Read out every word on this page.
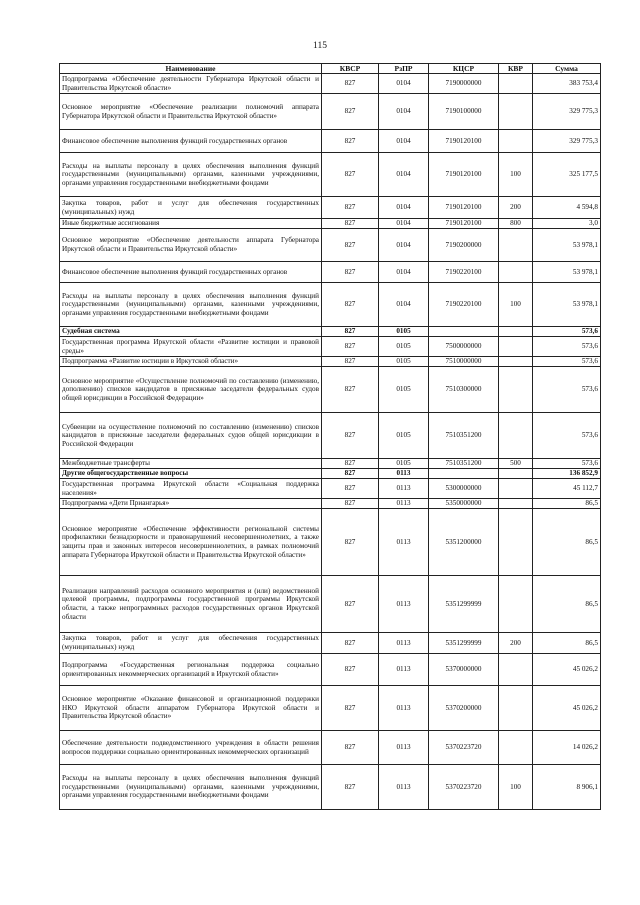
115
Наименование	КВСР	РзПР	КЦСР	КВР	Сумма
Подпрограмма «Обеспечение деятельности Губернатора Иркутской области и Правительства Иркутской области»	827	0104	7190000000		383 753,4
Основное мероприятие «Обеспечение реализации полномочий аппарата Губернатора Иркутской области и Правительства Иркутской области»	827	0104	7190100000		329 775,3
Финансовое обеспечение выполнения функций государственных органов	827	0104	7190120100		329 775,3
Расходы на выплаты персоналу в целях обеспечения выполнения функций государственными (муниципальными) органами, казенными учреждениями, органами управления государственными внебюджетными фондами	827	0104	7190120100	100	325 177,5
Закупка товаров, работ и услуг для обеспечения государственных (муниципальных) нужд	827	0104	7190120100	200	4 594,8
Иные бюджетные ассигнования	827	0104	7190120100	800	3,0
Основное мероприятие «Обеспечение деятельности аппарата Губернатора Иркутской области и Правительства Иркутской области»	827	0104	7190200000		53 978,1
Финансовое обеспечение выполнения функций государственных органов	827	0104	7190220100		53 978,1
Расходы на выплаты персоналу в целях обеспечения выполнения функций государственными (муниципальными) органами, казенными учреждениями, органами управления государственными внебюджетными фондами	827	0104	7190220100	100	53 978,1
Судебная система	827	0105			573,6
Государственная программа Иркутской области «Развитие юстиции и правовой среды»	827	0105	7500000000		573,6
Подпрограмма «Развитие юстиции в Иркутской области»	827	0105	7510000000		573,6
Основное мероприятие «Осуществление полномочий по составлению (изменению, дополнению) списков кандидатов в присяжные заседатели федеральных судов общей юрисдикции в Российской Федерации»	827	0105	7510300000		573,6
Субвенции на осуществление полномочий по составлению (изменению) списков кандидатов в присяжные заседатели федеральных судов общей юрисдикции в Российской Федерации	827	0105	7510351200		573,6
Межбюджетные трансферты	827	0105	7510351200	500	573,6
Другие общегосударственные вопросы	827	0113			136 852,9
Государственная программа Иркутской области «Социальная поддержка населения»	827	0113	5300000000		45 112,7
Подпрограмма «Дети Приангарья»	827	0113	5350000000		86,5
Основное мероприятие «Обеспечение эффективности региональной системы профилактики безнадзорности и правонарушений несовершеннолетних, а также защиты прав и законных интересов несовершеннолетних, в рамках полномочий аппарата Губернатора Иркутской области и Правительства Иркутской области»	827	0113	5351200000		86,5
Реализация направлений расходов основного мероприятия и (или) ведомственной целевой программы, подпрограммы государственной программы Иркутской области, а также непрограммных расходов государственных органов Иркутской области	827	0113	5351299999		86,5
Закупка товаров, работ и услуг для обеспечения государственных (муниципальных) нужд	827	0113	5351299999	200	86,5
Подпрограмма «Государственная региональная поддержка социально ориентированных некоммерческих организаций в Иркутской области»	827	0113	5370000000		45 026,2
Основное мероприятие «Оказание финансовой и организационной поддержки НКО Иркутской области аппаратом Губернатора Иркутской области и Правительства Иркутской области»	827	0113	5370200000		45 026,2
Обеспечение деятельности подведомственного учреждения в области решения вопросов поддержки социально ориентированных некоммерческих организаций	827	0113	5370223720		14 026,2
Расходы на выплаты персоналу в целях обеспечения выполнения функций государственными (муниципальными) органами, казенными учреждениями, органами управления государственными внебюджетными фондами	827	0113	5370223720	100	8 906,1
